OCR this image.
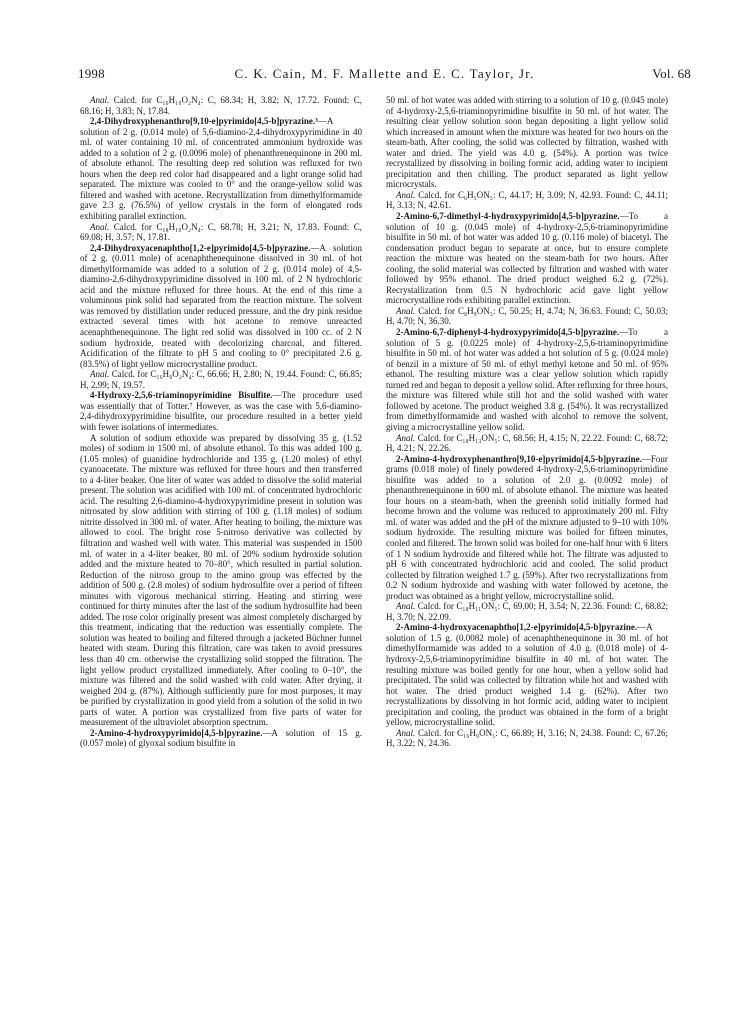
1998	C. K. Cain, M. F. Mallette and E. C. Taylor, Jr.	Vol. 68

Anal. Calcd. for C₁₆H₁₀O₂N₄: C, 68.34; H, 3.82; N, 17.72. Found: C, 68.16; H, 3.83; N, 17.84.

2,4-Dihydroxyphenanthro[9,10-e]pyrimido[4,5-b]pyrazine.³—A solution of 2 g. (0.014 mole) of 5,6-diamino-2,4-dihydroxypyrimidine in 40 ml. of water containing 10 ml. of concentrated ammonium hydroxide was added to a solution of 2 g. (0.0096 mole) of phenanthrenequinone in 200 ml. of absolute ethanol. The resulting deep red solution was refluxed for two hours when the deep red color had disappeared and a light orange solid had separated. The mixture was cooled to 0° and the orange-yellow solid was filtered and washed with acetone. Recrystallization from dimethylformamide gave 2.3 g. (76.5%) of yellow crystals in the form of elongated rods exhibiting parallel extinction.

Anal. Calcd. for C₁₈H₁₀O₂N₄: C, 68.78; H, 3.21; N, 17.83. Found: C, 69.08; H, 3.57; N, 17.81.

2,4-Dihydroxyacenaphtho[1,2-e]pyrimido[4,5-b]pyrazine.—A solution of 2 g. (0.011 mole) of acenaphthenequinone dissolved in 30 ml. of hot dimethylformamide was added to a solution of 2 g. (0.014 mole) of 4,5-diamino-2,6-dihydroxypyrimidine dissolved in 100 ml. of 2 N hydrochloric acid and the mixture refluxed for three hours. At the end of this time a voluminous pink solid had separated from the reaction mixture. The solvent was removed by distillation under reduced pressure, and the dry pink residue extracted several times with hot acetone to remove unreacted acenaphthenequinone. The light red solid was dissolved in 100 cc. of 2 N sodium hydroxide, treated with decolorizing charcoal, and filtered. Acidification of the filtrate to pH 5 and cooling to 0° precipitated 2.6 g. (83.5%) of light yellow microcrystalline product.

Anal. Calcd. for C₁₆H₈O₂N₄: C, 66.66; H, 2.80; N, 19.44. Found: C, 66.85; H, 2.99; N, 19.57.

4-Hydroxy-2,5,6-triaminopyrimidine Bisulfite.—The procedure used was essentially that of Totter.⁷ However, as was the case with 5,6-diamino-2,4-dihydroxypyrimidine bisulfite, our procedure resulted in a better yield with fewer isolations of intermediates.

A solution of sodium ethoxide was prepared by dissolving 35 g. (1.52 moles) of sodium in 1500 ml. of absolute ethanol. To this was added 100 g. (1.05 moles) of guanidine hydrochloride and 135 g. (1.20 moles) of ethyl cyanoacetate. The mixture was refluxed for three hours and then transferred to a 4-liter beaker. One liter of water was added to dissolve the solid material present. The solution was acidified with 100 ml. of concentrated hydrochloric acid. The resulting 2,6-diamino-4-hydroxypyrimidine present in solution was nitrosated by slow addition with stirring of 100 g. (1.18 moles) of sodium nitrite dissolved in 300 ml. of water. After heating to boiling, the mixture was allowed to cool. The bright rose 5-nitroso derivative was collected by filtration and washed well with water. This material was suspended in 1500 ml. of water in a 4-liter beaker, 80 ml. of 20% sodium hydroxide solution added and the mixture heated to 70–80°, which resulted in partial solution. Reduction of the nitroso group to the amino group was effected by the addition of 500 g. (2.8 moles) of sodium hydrosulfite over a period of fifteen minutes with vigorous mechanical stirring. Heating and stirring were continued for thirty minutes after the last of the sodium hydrosulfite had been added. The rose color originally present was almost completely discharged by this treatment, indicating that the reduction was essentially complete. The solution was heated to boiling and filtered through a jacketed Büchner funnel heated with steam. During this filtration, care was taken to avoid pressures less than 40 cm. otherwise the crystallizing solid stopped the filtration. The light yellow product crystallized immediately. After cooling to 0–10°, the mixture was filtered and the solid washed with cold water. After drying, it weighed 204 g. (87%). Although sufficiently pure for most purposes, it may be purified by crystallization in good yield from a solution of the solid in two parts of water. A portion was crystallized from five parts of water for measurement of the ultraviolet absorption spectrum.

2-Amino-4-hydroxypyrimido[4,5-b]pyrazine.—A solution of 15 g. (0.057 mole) of glyoxal sodium bisulfite in

50 ml. of hot water was added with stirring to a solution of 10 g. (0.045 mole) of 4-hydroxy-2,5,6-triaminopyrimidine bisulfite in 50 ml. of hot water. The resulting clear yellow solution soon began depositing a light yellow solid which increased in amount when the mixture was heated for two hours on the steam-bath. After cooling, the solid was collected by filtration, washed with water and dried. The yield was 4.0 g. (54%). A portion was twice recrystallized by dissolving in boiling formic acid, adding water to incipient precipitation and then chilling. The product separated as light yellow microcrystals.

Anal. Calcd. for C₆H₅ON₅: C, 44.17; H, 3.09; N, 42.93. Found: C, 44.11; H, 3.13; N, 42.61.

2-Amino-6,7-dimethyl-4-hydroxypyrimido[4,5-b]pyrazine.—To a solution of 10 g. (0.045 mole) of 4-hydroxy-2,5,6-triaminopyrimidine bisulfite in 50 ml. of hot water was added 10 g. (0.116 mole) of biacetyl. The condensation product began to separate at once, but to ensure complete reaction the mixture was heated on the steam-bath for two hours. After cooling, the solid material was collected by filtration and washed with water followed by 95% ethanol. The dried product weighed 6.2 g. (72%). Recrystallization from 0.5 N hydrochloric acid gave light yellow microcrystalline rods exhibiting parallel extinction.

Anal. Calcd. for C₈H₉ON₅: C, 50.25; H, 4.74; N, 36.63. Found: C, 50.03; H, 4.70; N, 36.30.

2-Amino-6,7-diphenyl-4-hydroxypyrimido[4,5-b]pyrazine.—To a solution of 5 g. (0.0225 mole) of 4-hydroxy-2,5,6-triaminopyrimidine bisulfite in 50 ml. of hot water was added a hot solution of 5 g. (0.024 mole) of benzil in a mixture of 50 ml. of ethyl methyl ketone and 50 ml. of 95% ethanol. The resulting mixture was a clear yellow solution which rapidly turned red and began to deposit a yellow solid. After refluxing for three hours, the mixture was filtered while still hot and the solid washed with water followed by acetone. The product weighed 3.8 g. (54%). It was recrystallized from dimethylformamide and washed with alcohol to remove the solvent, giving a microcrystalline yellow solid.

Anal. Calcd. for C₁₈H₁₃ON₅: C, 68.56; H, 4.15; N, 22.22. Found: C, 68.72; H, 4.21; N, 22.26.

2-Amino-4-hydroxyphenanthro[9,10-e]pyrimido[4,5-b]pyrazine.—Four grams (0.018 mole) of finely powdered 4-hydroxy-2,5,6-triaminopyrimidine bisulfite was added to a solution of 2.0 g. (0.0092 mole) of phenanthrenequinone in 600 ml. of absolute ethanol. The mixture was heated four hours on a steam-bath, when the greenish solid initially formed had become brown and the volume was reduced to approximately 200 ml. Fifty ml. of water was added and the pH of the mixture adjusted to 9–10 with 10% sodium hydroxide. The resulting mixture was boiled for fifteen minutes, cooled and filtered. The brown solid was boiled for one-half hour with 6 liters of 1 N sodium hydroxide and filtered while hot. The filtrate was adjusted to pH 6 with concentrated hydrochloric acid and cooled. The solid product collected by filtration weighed 1.7 g. (59%). After two recrystallizations from 0.2 N sodium hydroxide and washing with water followed by acetone, the product was obtained as a bright yellow, microcrystalline solid.

Anal. Calcd. for C₁₈H₁₁ON₅: C, 69.00; H, 3.54; N, 22.36. Found: C, 68.82; H, 3.70; N, 22.09.

2-Amino-4-hydroxyacenaphtho[1,2-e]pyrimido[4,5-b]pyrazine.—A solution of 1.5 g. (0.0082 mole) of acenaphthenequinone in 30 ml. of hot dimethylformamide was added to a solution of 4.0 g. (0.018 mole) of 4-hydroxy-2,5,6-triaminopyrimidine bisulfite in 40 ml. of hot water. The resulting mixture was boiled gently for one hour, when a yellow solid had precipitated. The solid was collected by filtration while hot and washed with hot water. The dried product weighed 1.4 g. (62%). After two recrystallizations by dissolving in hot formic acid, adding water to incipient precipitation and cooling, the product was obtained in the form of a bright yellow, microcrystalline solid.

Anal. Calcd. for C₁₆H₉ON₅: C, 66.89; H, 3.16; N, 24.38. Found: C, 67.26; H, 3.22; N, 24.36.
